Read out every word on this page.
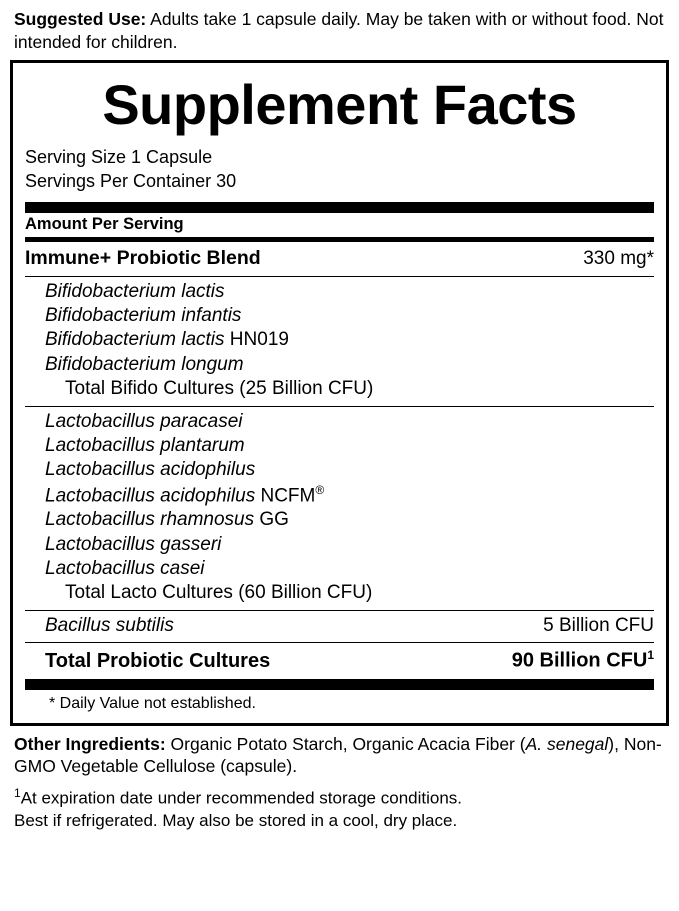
Suggested Use: Adults take 1 capsule daily. May be taken with or without food. Not intended for children.
Supplement Facts
Serving Size 1 Capsule
Servings Per Container 30
Amount Per Serving
Immune+ Probiotic Blend	330 mg*
Bifidobacterium lactis
Bifidobacterium infantis
Bifidobacterium lactis HN019
Bifidobacterium longum
Total Bifido Cultures (25 Billion CFU)
Lactobacillus paracasei
Lactobacillus plantarum
Lactobacillus acidophilus
Lactobacillus acidophilus NCFM®
Lactobacillus rhamnosus GG
Lactobacillus gasseri
Lactobacillus casei
Total Lacto Cultures (60 Billion CFU)
Bacillus subtilis	5 Billion CFU
Total Probiotic Cultures	90 Billion CFU$^1$
* Daily Value not established.
Other Ingredients: Organic Potato Starch, Organic Acacia Fiber (A. senegal), Non-GMO Vegetable Cellulose (capsule).
$^1$At expiration date under recommended storage conditions.
Best if refrigerated. May also be stored in a cool, dry place.
